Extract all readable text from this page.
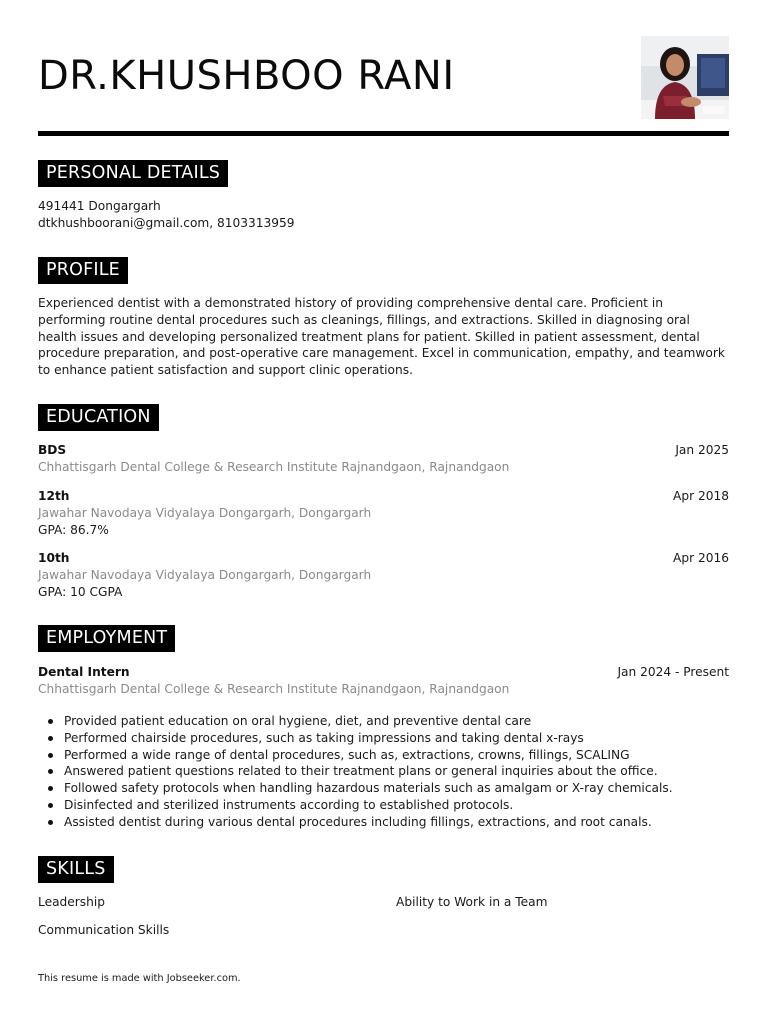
DR.KHUSHBOO RANI
PERSONAL DETAILS
491441 Dongargarh
dtkhushboorani@gmail.com, 8103313959
PROFILE

Experienced dentist with a demonstrated history of providing comprehensive dental care. Proficient in performing routine dental procedures such as cleanings, fillings, and extractions. Skilled in diagnosing oral health issues and developing personalized treatment plans for patient. Skilled in patient assessment, dental procedure preparation, and post-operative care management. Excel in communication, empathy, and teamwork to enhance patient satisfaction and support clinic operations.

EDUCATION
BDS	Jan 2025
Chhattisgarh Dental College & Research Institute Rajnandgaon, Rajnandgaon
12th	Apr 2018
Jawahar Navodaya Vidyalaya Dongargarh, Dongargarh
GPA: 86.7%
10th	Apr 2016
Jawahar Navodaya Vidyalaya Dongargarh, Dongargarh
GPA: 10 CGPA
EMPLOYMENT
Dental Intern	Jan 2024 - Present
Chhattisgarh Dental College & Research Institute Rajnandgaon, Rajnandgaon
Provided patient education on oral hygiene, diet, and preventive dental care
Performed chairside procedures, such as taking impressions and taking dental x-rays
Performed a wide range of dental procedures, such as, extractions, crowns, fillings, SCALING
Answered patient questions related to their treatment plans or general inquiries about the office.
Followed safety protocols when handling hazardous materials such as amalgam or X-ray chemicals.
Disinfected and sterilized instruments according to established protocols.
Assisted dentist during various dental procedures including fillings, extractions, and root canals.
SKILLS
Leadership	Ability to Work in a Team
Communication Skills
This resume is made with Jobseeker.com.
